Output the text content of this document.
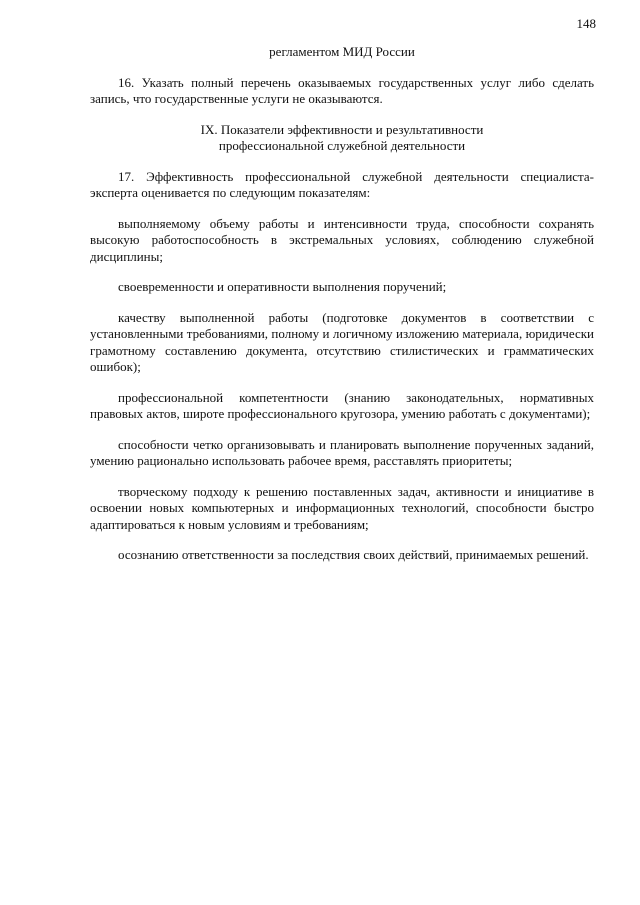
148

регламентом МИД России

16. Указать полный перечень оказываемых государственных услуг либо сделать запись, что государственные услуги не оказываются.

IX. Показатели эффективности и результативности
профессиональной служебной деятельности

17. Эффективность профессиональной служебной деятельности специалиста-эксперта оценивается по следующим показателям:

выполняемому объему работы и интенсивности труда, способности сохранять высокую работоспособность в экстремальных условиях, соблюдению служебной дисциплины;

своевременности и оперативности выполнения поручений;

качеству выполненной работы (подготовке документов в соответствии с установленными требованиями, полному и логичному изложению материала, юридически грамотному составлению документа, отсутствию стилистических и грамматических ошибок);

профессиональной компетентности (знанию законодательных, нормативных правовых актов, широте профессионального кругозора, умению работать с документами);

способности четко организовывать и планировать выполнение порученных заданий, умению рационально использовать рабочее время, расставлять приоритеты;

творческому подходу к решению поставленных задач, активности и инициативе в освоении новых компьютерных и информационных технологий, способности быстро адаптироваться к новым условиям и требованиям;

осознанию ответственности за последствия своих действий, принимаемых решений.
